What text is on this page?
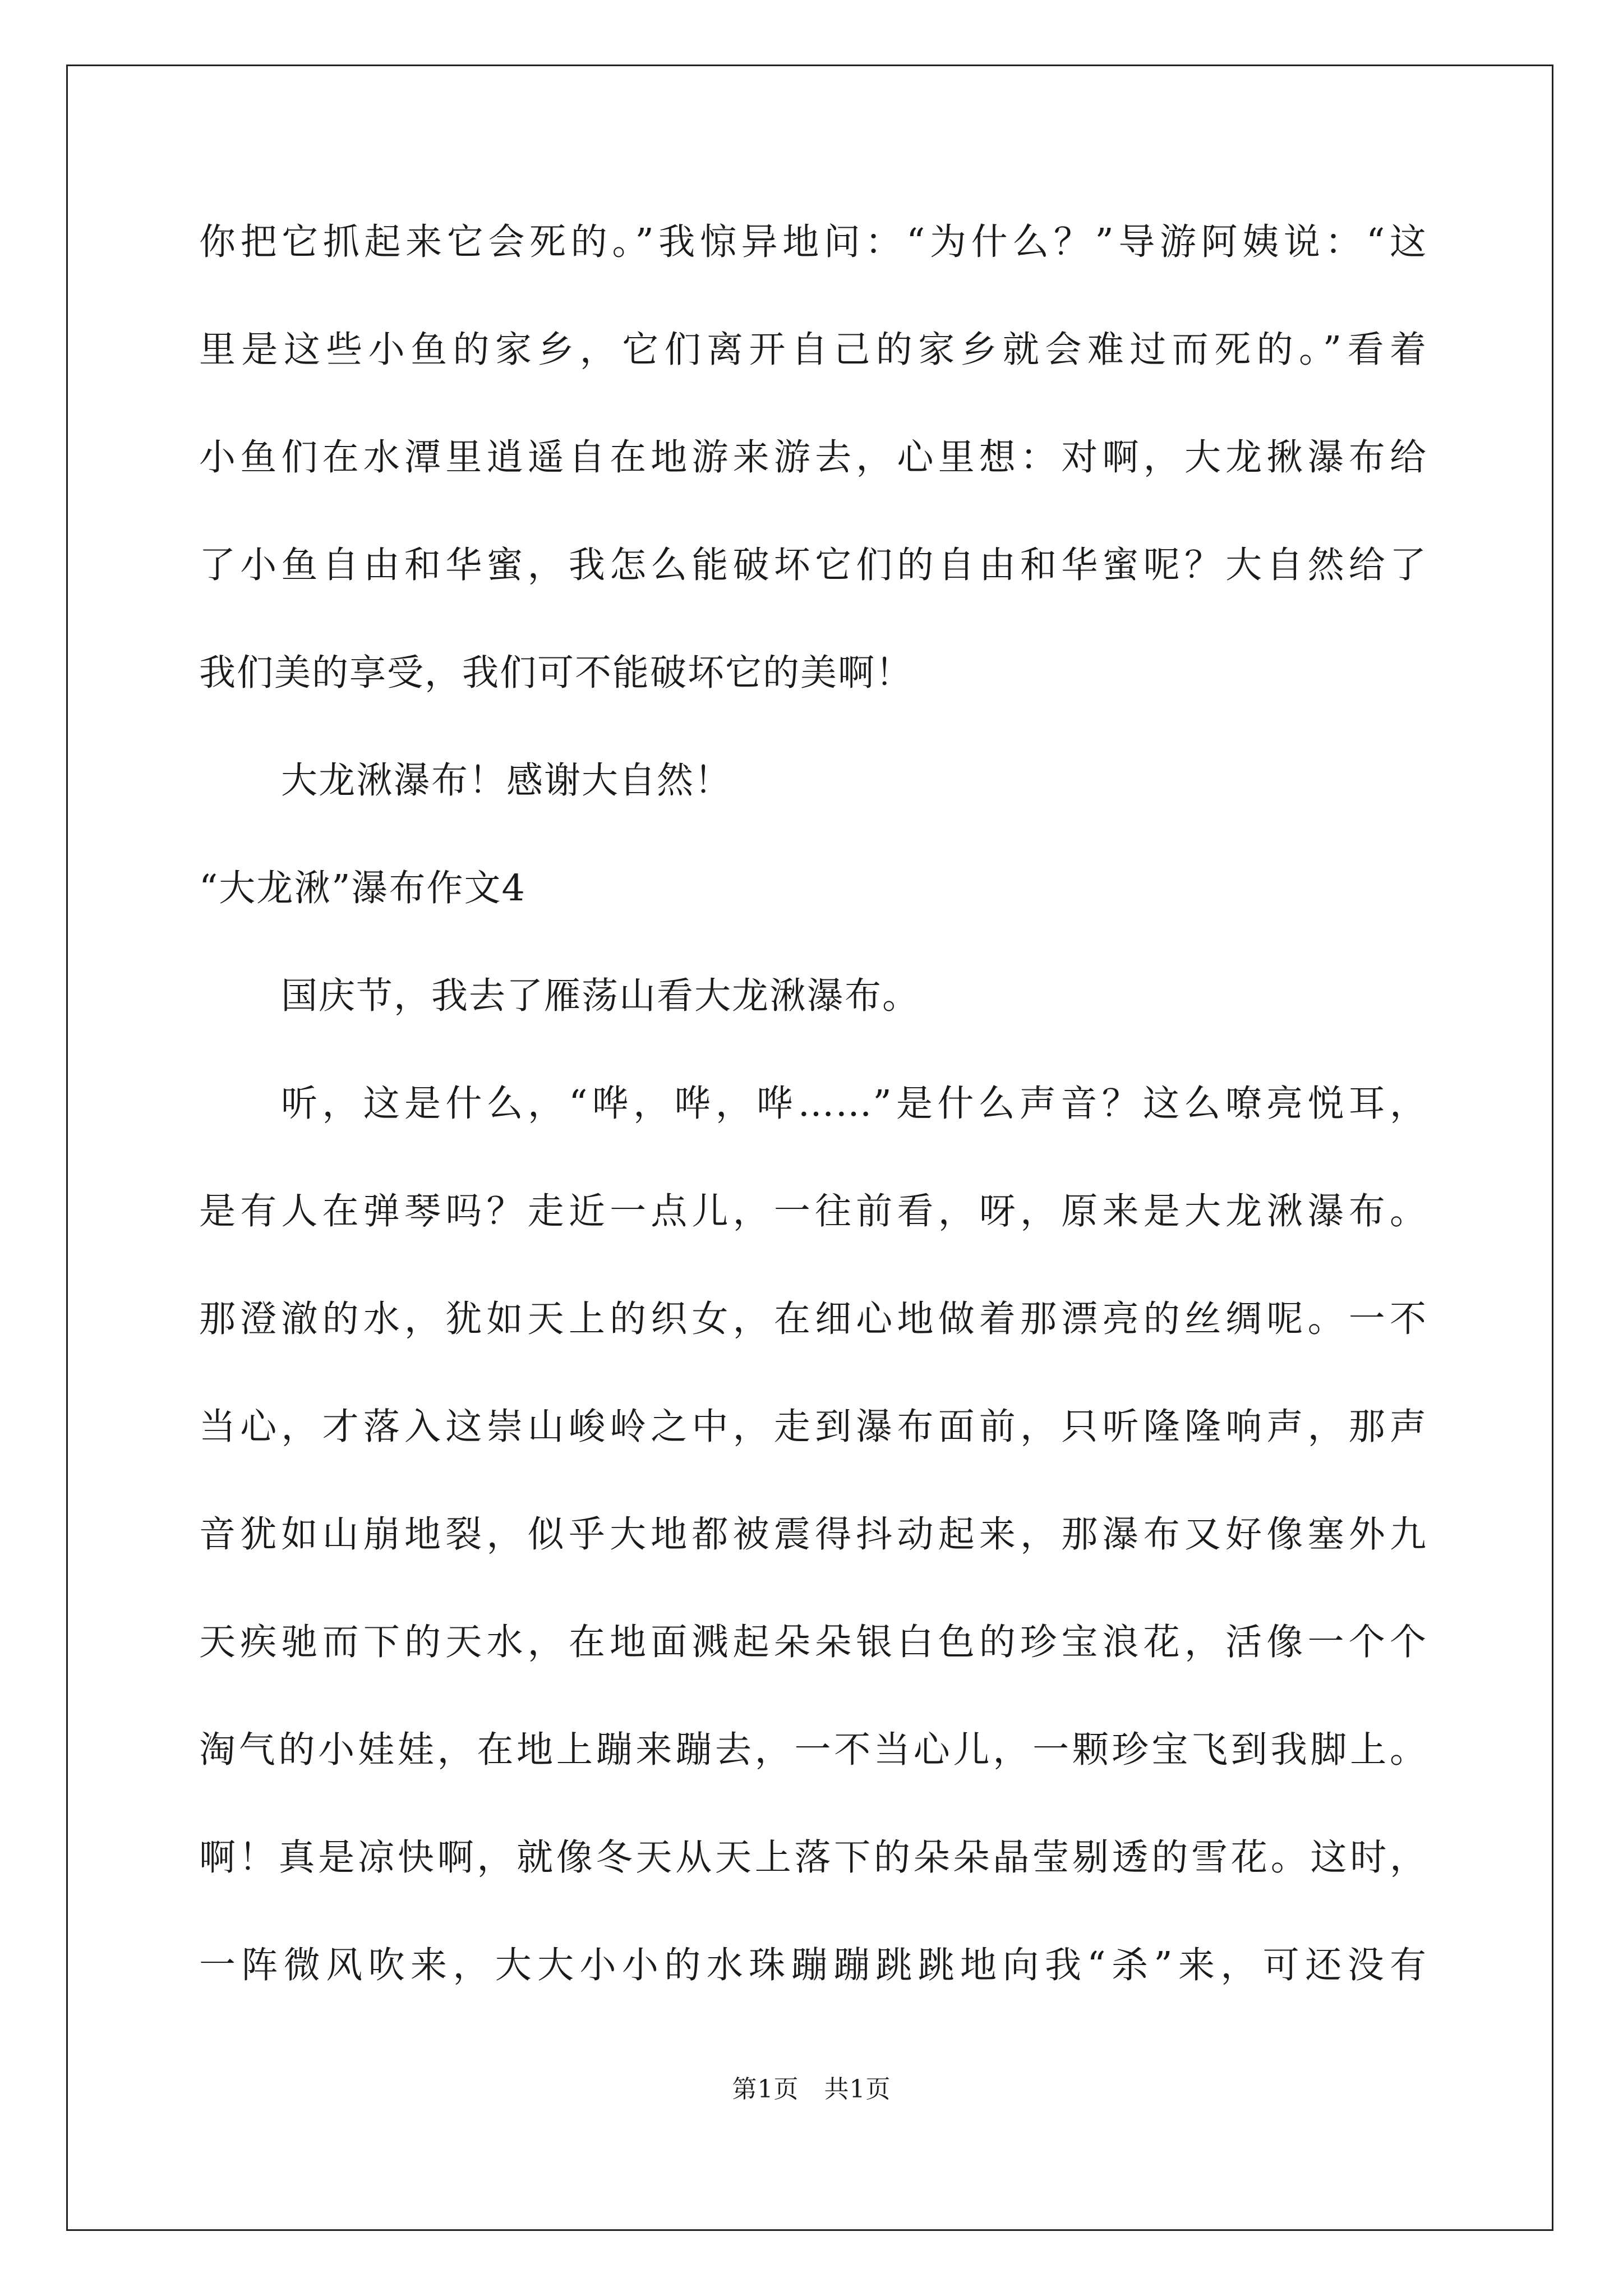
你把它抓起来它会死的。”我惊异地问：“为什么？”导游阿姨说：“这
里是这些小鱼的家乡，它们离开自己的家乡就会难过而死的。”看着
小鱼们在水潭里逍遥自在地游来游去，心里想：对啊，大龙揪瀑布给
了小鱼自由和华蜜，我怎么能破坏它们的自由和华蜜呢？大自然给了
我们美的享受，我们可不能破坏它的美啊！
大龙湫瀑布！感谢大自然！
“大龙湫”瀑布作文4
国庆节，我去了雁荡山看大龙湫瀑布。
听，这是什么，“哗，哗，哗……”是什么声音？这么嘹亮悦耳，
是有人在弹琴吗？走近一点儿，一往前看，呀，原来是大龙湫瀑布。
那澄澈的水，犹如天上的织女，在细心地做着那漂亮的丝绸呢。一不
当心，才落入这崇山峻岭之中，走到瀑布面前，只听隆隆响声，那声
音犹如山崩地裂，似乎大地都被震得抖动起来，那瀑布又好像塞外九
天疾驰而下的天水，在地面溅起朵朵银白色的珍宝浪花，活像一个个
淘气的小娃娃，在地上蹦来蹦去，一不当心儿，一颗珍宝飞到我脚上。
啊！真是凉快啊，就像冬天从天上落下的朵朵晶莹剔透的雪花。这时，
一阵微风吹来，大大小小的水珠蹦蹦跳跳地向我“杀”来，可还没有
第1页   共1页
